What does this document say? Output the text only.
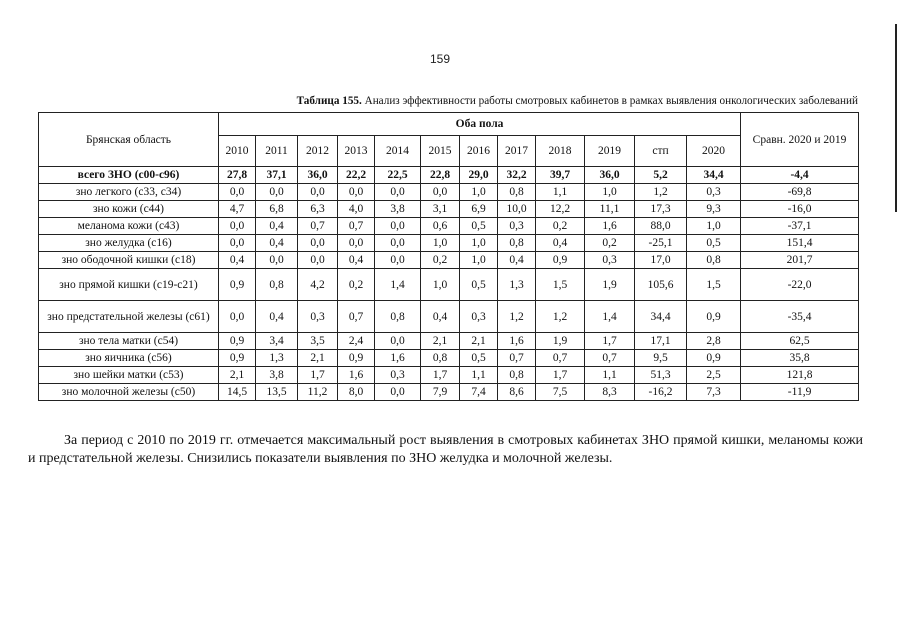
159
Таблица 155. Анализ эффективности работы смотровых кабинетов в рамках выявления онкологических заболеваний
Брянская область	Оба пола												Сравн. 2020 и 2019
	2010	2011	2012	2013	2014	2015	2016	2017	2018	2019	стп	2020	
всего ЗНО (с00-с96)	27,8	37,1	36,0	22,2	22,5	22,8	29,0	32,2	39,7	36,0	5,2	34,4	-4,4
зно легкого (с33, с34)	0,0	0,0	0,0	0,0	0,0	0,0	1,0	0,8	1,1	1,0	1,2	0,3	-69,8
зно кожи (с44)	4,7	6,8	6,3	4,0	3,8	3,1	6,9	10,0	12,2	11,1	17,3	9,3	-16,0
меланома кожи (с43)	0,0	0,4	0,7	0,7	0,0	0,6	0,5	0,3	0,2	1,6	88,0	1,0	-37,1
зно желудка (с16)	0,0	0,4	0,0	0,0	0,0	1,0	1,0	0,8	0,4	0,2	-25,1	0,5	151,4
зно ободочной кишки (с18)	0,4	0,0	0,0	0,4	0,0	0,2	1,0	0,4	0,9	0,3	17,0	0,8	201,7
зно прямой кишки (с19-с21)	0,9	0,8	4,2	0,2	1,4	1,0	0,5	1,3	1,5	1,9	105,6	1,5	-22,0
зно предстательной железы (с61)	0,0	0,4	0,3	0,7	0,8	0,4	0,3	1,2	1,2	1,4	34,4	0,9	-35,4
зно тела матки (с54)	0,9	3,4	3,5	2,4	0,0	2,1	2,1	1,6	1,9	1,7	17,1	2,8	62,5
зно яичника (с56)	0,9	1,3	2,1	0,9	1,6	0,8	0,5	0,7	0,7	0,7	9,5	0,9	35,8
зно шейки матки (с53)	2,1	3,8	1,7	1,6	0,3	1,7	1,1	0,8	1,7	1,1	51,3	2,5	121,8
зно молочной железы (с50)	14,5	13,5	11,2	8,0	0,0	7,9	7,4	8,6	7,5	8,3	-16,2	7,3	-11,9

За период с 2010 по 2019 гг. отмечается максимальный рост выявления в смотровых кабинетах ЗНО прямой кишки, меланомы кожи и предстательной железы. Снизились показатели выявления по ЗНО желудка и молочной железы.
